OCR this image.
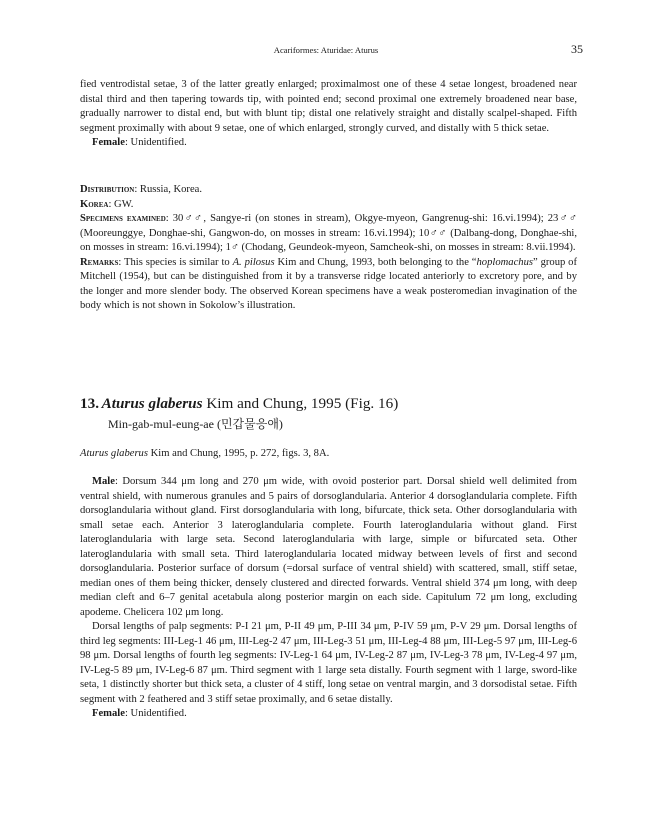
Acariformes: Aturidae: Aturus	35

fied ventrodistal setae, 3 of the latter greatly enlarged; proximalmost one of these 4 setae longest, broadened near distal third and then tapering towards tip, with pointed end; second proximal one extremely broadened near base, gradually narrower to distal end, but with blunt tip; distal one relatively straight and distally scalpel-shaped. Fifth segment proximally with about 9 setae, one of which enlarged, strongly curved, and distally with 5 thick setae.

Female: Unidentified.

Distribution: Russia, Korea.

Korea: GW.

Specimens examined: 30♂♂, Sangye-ri (on stones in stream), Okgye-myeon, Gangrenug-shi: 16.vi.1994); 23♂♂ (Mooreunggye, Donghae-shi, Gangwon-do, on mosses in stream: 16.vi.1994); 10♂♂ (Dalbang-dong, Donghae-shi, on mosses in stream: 16.vi.1994); 1♂ (Chodang, Geundeok-myeon, Samcheok-shi, on mosses in stream: 8.vii.1994).

Remarks: This species is similar to A. pilosus Kim and Chung, 1993, both belonging to the “hoplomachus” group of Mitchell (1954), but can be distinguished from it by a transverse ridge located anteriorly to excretory pore, and by the longer and more slender body. The observed Korean specimens have a weak posteromedian invagination of the body which is not shown in Sokolow’s illustration.

13. Aturus glaberus Kim and Chung, 1995 (Fig. 16)
Min-gab-mul-eung-ae (민갑물응애)

Aturus glaberus Kim and Chung, 1995, p. 272, figs. 3, 8A.

Male: Dorsum 344 μm long and 270 μm wide, with ovoid posterior part. Dorsal shield well delimited from ventral shield, with numerous granules and 5 pairs of dorsoglandularia. Anterior 4 dorsoglandularia complete. Fifth dorsoglandularia without gland. First dorsoglandularia with long, bifurcate, thick seta. Other dorsoglandularia with small setae each. Anterior 3 lateroglandularia complete. Fourth lateroglandularia without gland. First lateroglandularia with large seta. Second lateroglandularia with large, simple or bifurcated seta. Other lateroglandularia with small seta. Third lateroglandularia located midway between levels of first and second dorsoglandularia. Posterior surface of dorsum (=dorsal surface of ventral shield) with scattered, small, stiff setae, median ones of them being thicker, densely clustered and directed forwards. Ventral shield 374 μm long, with deep median cleft and 6–7 genital acetabula along posterior margin on each side. Capitulum 72 μm long, excluding apodeme. Chelicera 102 μm long.

Dorsal lengths of palp segments: P-I 21 μm, P-II 49 μm, P-III 34 μm, P-IV 59 μm, P-V 29 μm. Dorsal lengths of third leg segments: III-Leg-1 46 μm, III-Leg-2 47 μm, III-Leg-3 51 μm, III-Leg-4 88 μm, III-Leg-5 97 μm, III-Leg-6 98 μm. Dorsal lengths of fourth leg segments: IV-Leg-1 64 μm, IV-Leg-2 87 μm, IV-Leg-3 78 μm, IV-Leg-4 97 μm, IV-Leg-5 89 μm, IV-Leg-6 87 μm. Third segment with 1 large seta distally. Fourth segment with 1 large, sword-like seta, 1 distinctly shorter but thick seta, a cluster of 4 stiff, long setae on ventral margin, and 3 dorsodistal setae. Fifth segment with 2 feathered and 3 stiff setae proximally, and 6 setae distally.

Female: Unidentified.
